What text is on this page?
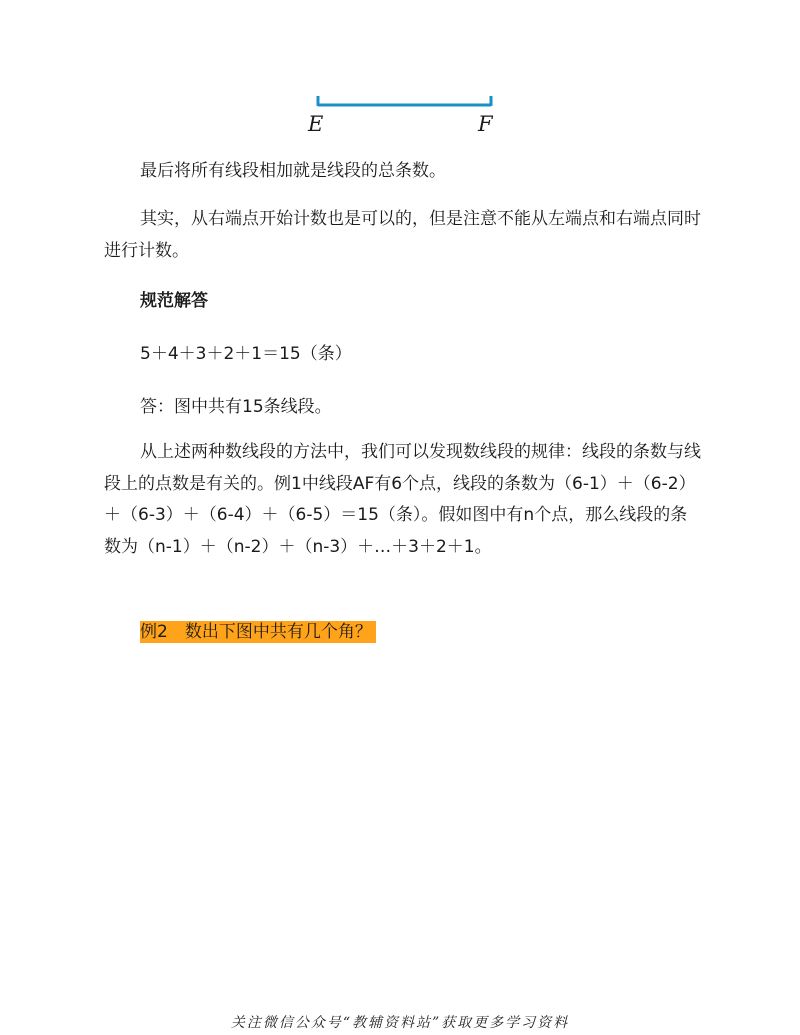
E	F

最后将所有线段相加就是线段的总条数。

其实，从右端点开始计数也是可以的，但是注意不能从左端点和右端点同时进行计数。

规范解答

5＋4＋3＋2＋1＝15（条）

答：图中共有15条线段。

从上述两种数线段的方法中，我们可以发现数线段的规律：线段的条数与线段上的点数是有关的。例1中线段AF有6个点，线段的条数为（6-1）＋（6-2）＋（6-3）＋（6-4）＋（6-5）＝15（条）。假如图中有n个点，那么线段的条数为（n-1）＋（n-2）＋（n-3）＋…＋3＋2＋1。

例2　数出下图中共有几个角？

关注微信公众号“教辅资料站”获取更多学习资料
